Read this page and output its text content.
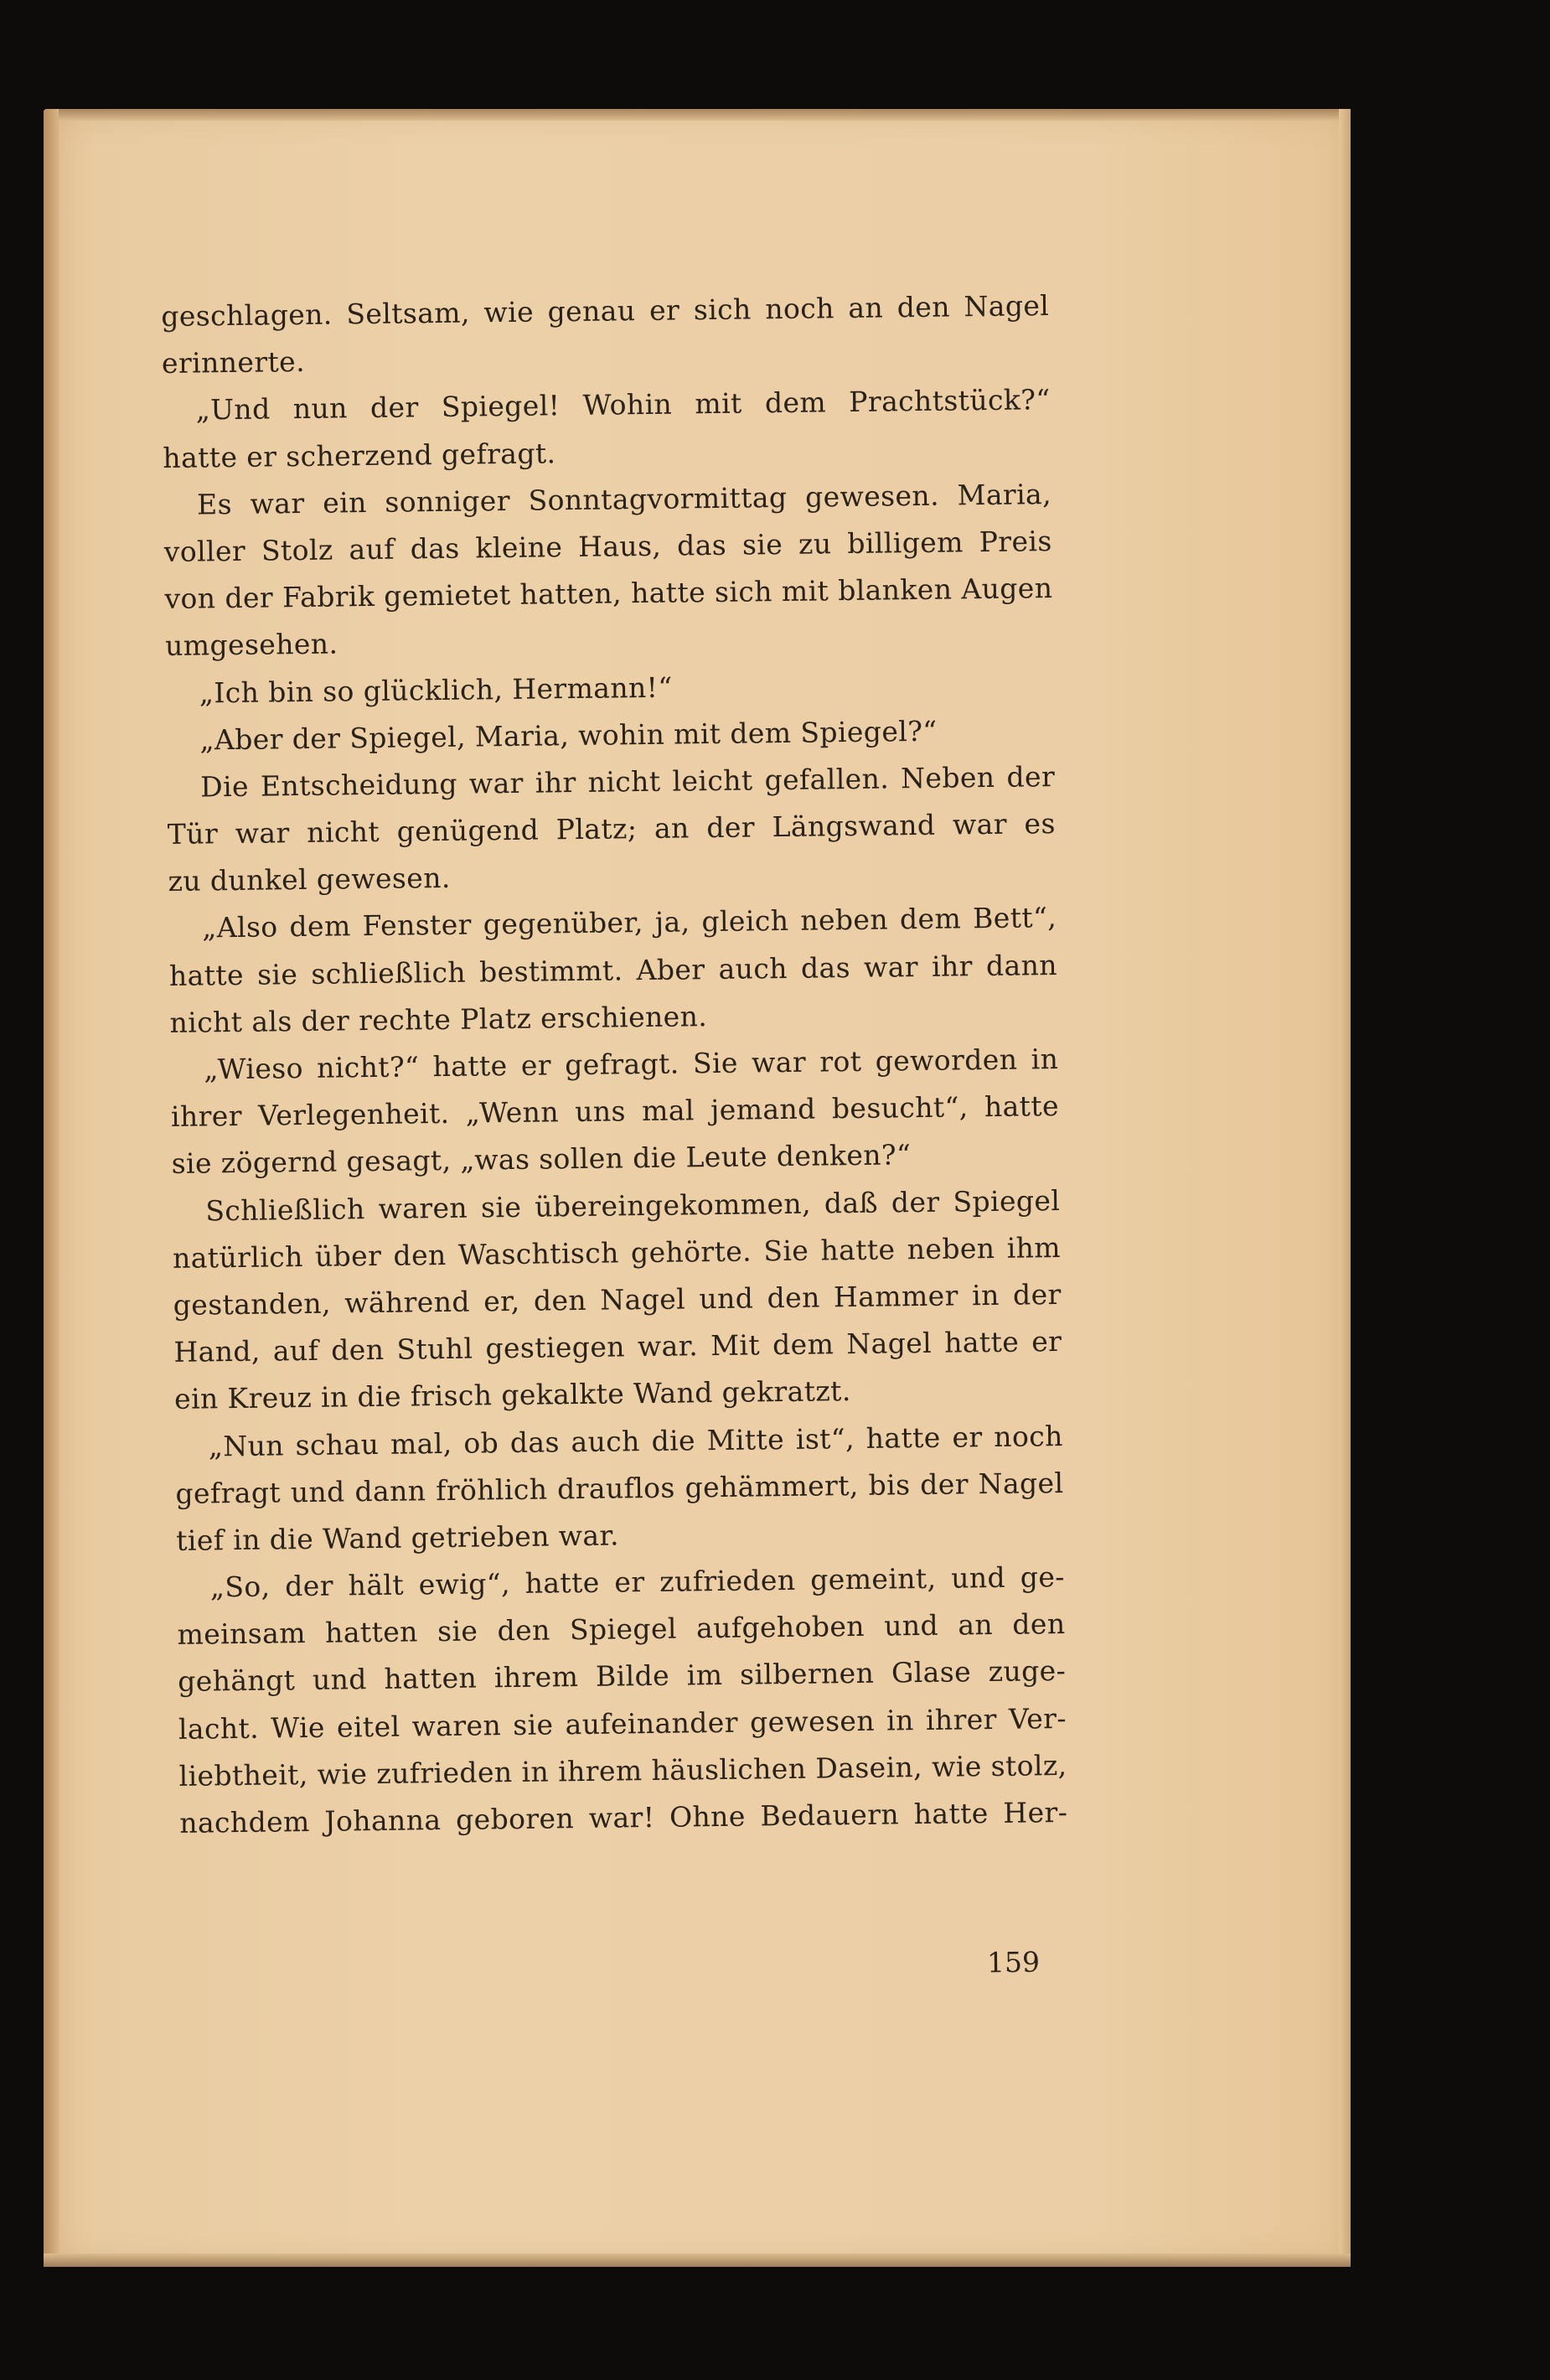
geschlagen. Seltsam, wie genau er sich noch an den Nagel
erinnerte.
„Und nun der Spiegel! Wohin mit dem Prachtstück?“
hatte er scherzend gefragt.
Es war ein sonniger Sonntagvormittag gewesen. Maria,
voller Stolz auf das kleine Haus, das sie zu billigem Preis
von der Fabrik gemietet hatten, hatte sich mit blanken Augen
umgesehen.
„Ich bin so glücklich, Hermann!“
„Aber der Spiegel, Maria, wohin mit dem Spiegel?“
Die Entscheidung war ihr nicht leicht gefallen. Neben der
Tür war nicht genügend Platz; an der Längswand war es
zu dunkel gewesen.
„Also dem Fenster gegenüber, ja, gleich neben dem Bett“,
hatte sie schließlich bestimmt. Aber auch das war ihr dann
nicht als der rechte Platz erschienen.
„Wieso nicht?“ hatte er gefragt. Sie war rot geworden in
ihrer Verlegenheit. „Wenn uns mal jemand besucht“, hatte
sie zögernd gesagt, „was sollen die Leute denken?“
Schließlich waren sie übereingekommen, daß der Spiegel
natürlich über den Waschtisch gehörte. Sie hatte neben ihm
gestanden, während er, den Nagel und den Hammer in der
Hand, auf den Stuhl gestiegen war. Mit dem Nagel hatte er
ein Kreuz in die frisch gekalkte Wand gekratzt.
„Nun schau mal, ob das auch die Mitte ist“, hatte er noch
gefragt und dann fröhlich drauflos gehämmert, bis der Nagel
tief in die Wand getrieben war.
„So, der hält ewig“, hatte er zufrieden gemeint, und ge-
meinsam hatten sie den Spiegel aufgehoben und an den
gehängt und hatten ihrem Bilde im silbernen Glase zuge-
lacht. Wie eitel waren sie aufeinander gewesen in ihrer Ver-
liebtheit, wie zufrieden in ihrem häuslichen Dasein, wie stolz,
nachdem Johanna geboren war! Ohne Bedauern hatte Her-
159
